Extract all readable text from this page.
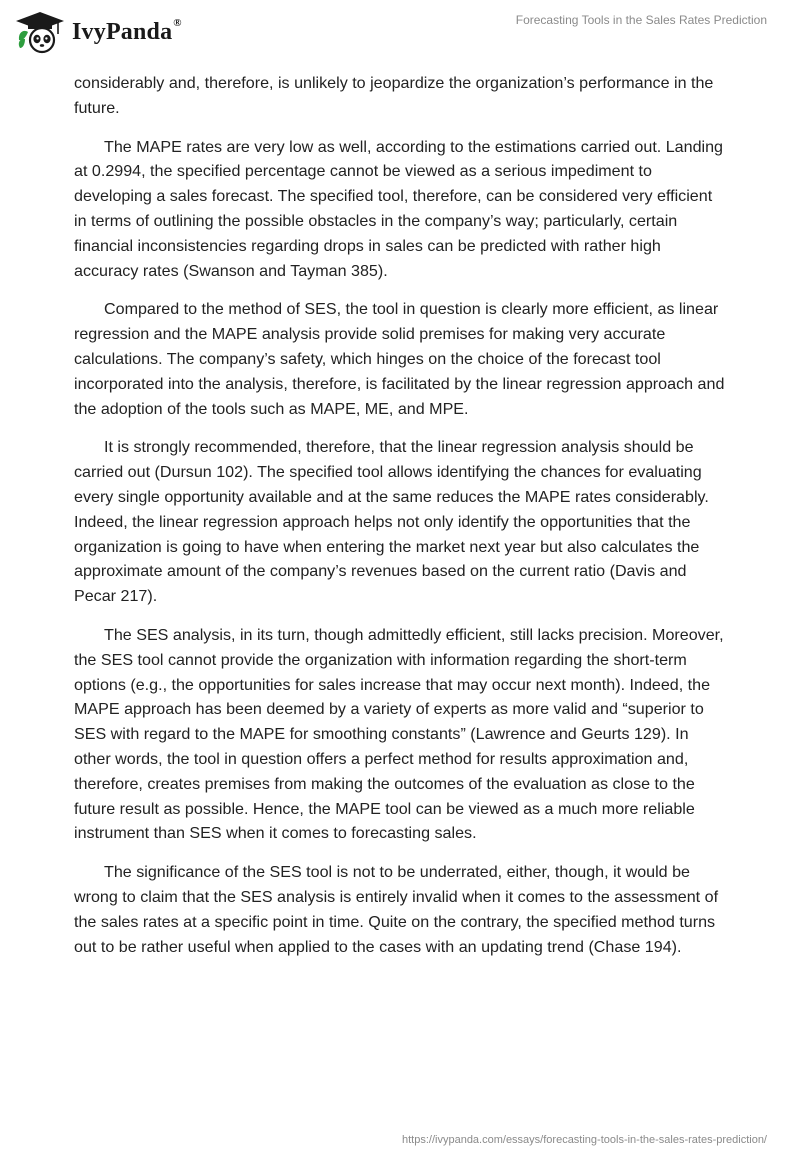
IvyPanda®	Forecasting Tools in the Sales Rates Prediction

considerably and, therefore, is unlikely to jeopardize the organization’s performance in the future.

The MAPE rates are very low as well, according to the estimations carried out. Landing at 0.2994, the specified percentage cannot be viewed as a serious impediment to developing a sales forecast. The specified tool, therefore, can be considered very efficient in terms of outlining the possible obstacles in the company’s way; particularly, certain financial inconsistencies regarding drops in sales can be predicted with rather high accuracy rates (Swanson and Tayman 385).

Compared to the method of SES, the tool in question is clearly more efficient, as linear regression and the MAPE analysis provide solid premises for making very accurate calculations. The company’s safety, which hinges on the choice of the forecast tool incorporated into the analysis, therefore, is facilitated by the linear regression approach and the adoption of the tools such as MAPE, ME, and MPE.

It is strongly recommended, therefore, that the linear regression analysis should be carried out (Dursun 102). The specified tool allows identifying the chances for evaluating every single opportunity available and at the same reduces the MAPE rates considerably. Indeed, the linear regression approach helps not only identify the opportunities that the organization is going to have when entering the market next year but also calculates the approximate amount of the company’s revenues based on the current ratio (Davis and Pecar 217).

The SES analysis, in its turn, though admittedly efficient, still lacks precision. Moreover, the SES tool cannot provide the organization with information regarding the short-term options (e.g., the opportunities for sales increase that may occur next month). Indeed, the MAPE approach has been deemed by a variety of experts as more valid and “superior to SES with regard to the MAPE for smoothing constants” (Lawrence and Geurts 129). In other words, the tool in question offers a perfect method for results approximation and, therefore, creates premises from making the outcomes of the evaluation as close to the future result as possible. Hence, the MAPE tool can be viewed as a much more reliable instrument than SES when it comes to forecasting sales.

The significance of the SES tool is not to be underrated, either, though, it would be wrong to claim that the SES analysis is entirely invalid when it comes to the assessment of the sales rates at a specific point in time. Quite on the contrary, the specified method turns out to be rather useful when applied to the cases with an updating trend (Chase 194).

https://ivypanda.com/essays/forecasting-tools-in-the-sales-rates-prediction/
